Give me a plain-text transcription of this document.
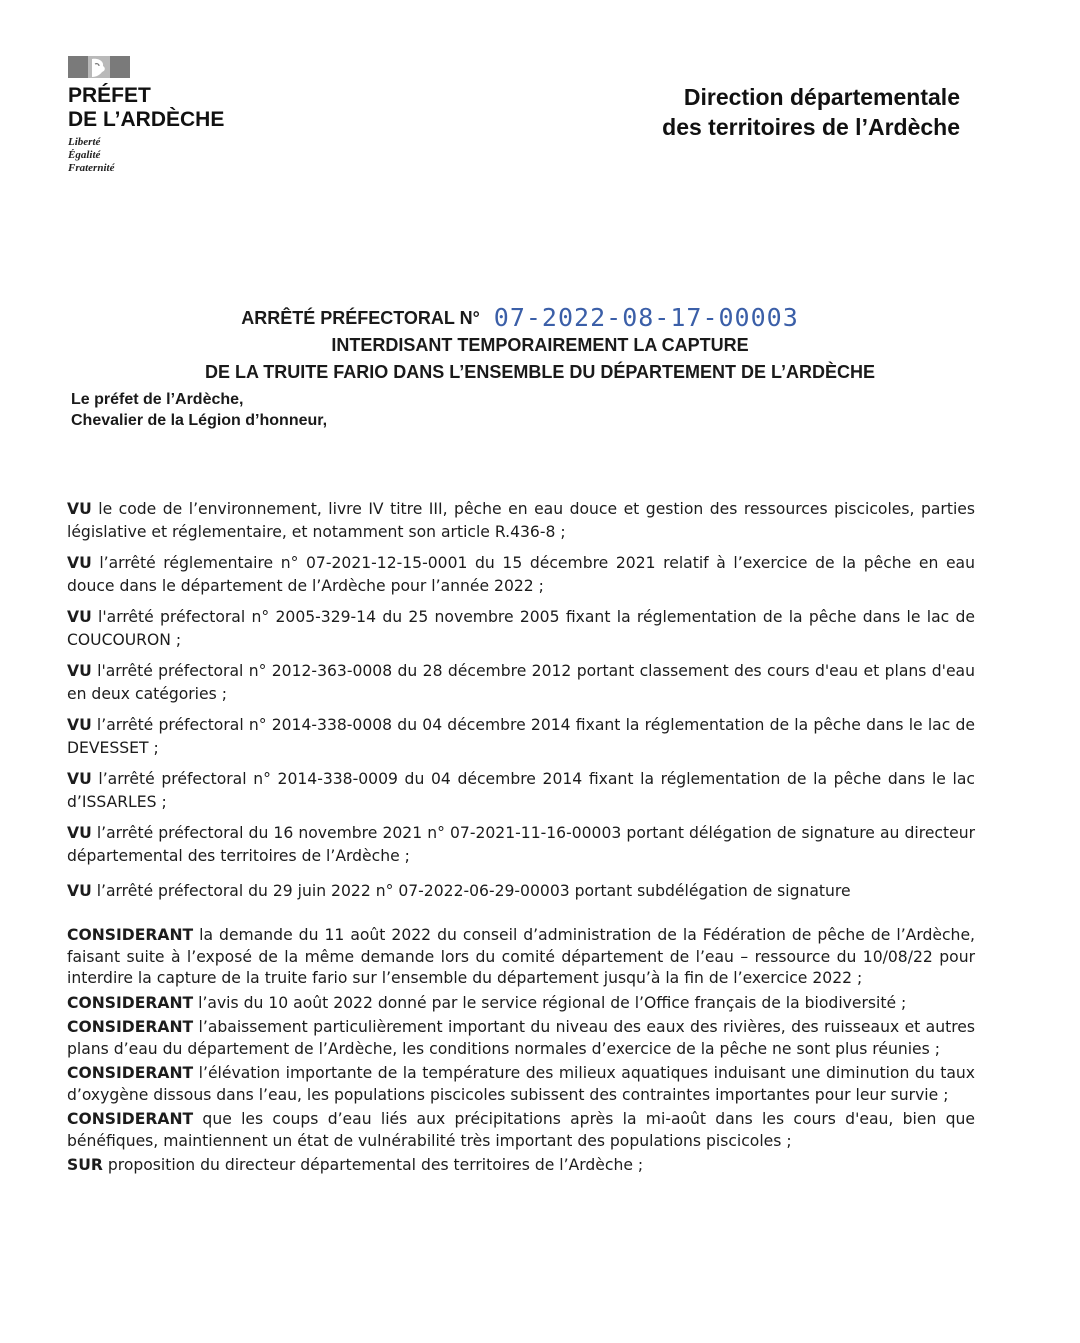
PRÉFET
DE L’ARDÈCHE
Liberté
Égalité
Fraternité
Direction départementale
des territoires de l’Ardèche
ARRÊTÉ PRÉFECTORAL N° 07-2022-08-17-00003
INTERDISANT TEMPORAIREMENT LA CAPTURE
DE LA TRUITE FARIO DANS L’ENSEMBLE DU DÉPARTEMENT DE L’ARDÈCHE
Le préfet de l’Ardèche,
Chevalier de la Légion d’honneur,

VU le code de l’environnement, livre IV titre III, pêche en eau douce et gestion des ressources piscicoles, parties législative et réglementaire, et notamment son article R.436-8 ;

VU l’arrêté réglementaire n° 07-2021-12-15-0001 du 15 décembre 2021 relatif à l’exercice de la pêche en eau douce dans le département de l’Ardèche pour l’année 2022 ;

VU l'arrêté préfectoral n° 2005-329-14 du 25 novembre 2005 fixant la réglementation de la pêche dans le lac de COUCOURON ;

VU l'arrêté préfectoral n° 2012-363-0008 du 28 décembre 2012 portant classement des cours d'eau et plans d'eau en deux catégories ;

VU l’arrêté préfectoral n° 2014-338-0008 du 04 décembre 2014 fixant la réglementation de la pêche dans le lac de DEVESSET ;

VU l’arrêté préfectoral n° 2014-338-0009 du 04 décembre 2014 fixant la réglementation de la pêche dans le lac d’ISSARLES ;

VU l’arrêté préfectoral du 16 novembre 2021 n° 07-2021-11-16-00003 portant délégation de signature au directeur départemental des territoires de l’Ardèche ;

VU l’arrêté préfectoral du 29 juin 2022 n° 07-2022-06-29-00003 portant subdélégation de signature

CONSIDERANT la demande du 11 août 2022 du conseil d’administration de la Fédération de pêche de l’Ardèche, faisant suite à l’exposé de la même demande lors du comité département de l’eau – ressource du 10/08/22 pour interdire la capture de la truite fario sur l’ensemble du département jusqu’à la fin de l’exercice 2022 ;

CONSIDERANT l’avis du 10 août 2022 donné par le service régional de l’Office français de la biodiversité ;

CONSIDERANT l’abaissement particulièrement important du niveau des eaux des rivières, des ruisseaux et autres plans d’eau du département de l’Ardèche, les conditions normales d’exercice de la pêche ne sont plus réunies ;

CONSIDERANT l’élévation importante de la température des milieux aquatiques induisant une diminution du taux d’oxygène dissous dans l’eau, les populations piscicoles subissent des contraintes importantes pour leur survie ;

CONSIDERANT que les coups d’eau liés aux précipitations après la mi-août dans les cours d'eau, bien que bénéfiques, maintiennent un état de vulnérabilité très important des populations piscicoles ;

SUR proposition du directeur départemental des territoires de l’Ardèche ;
